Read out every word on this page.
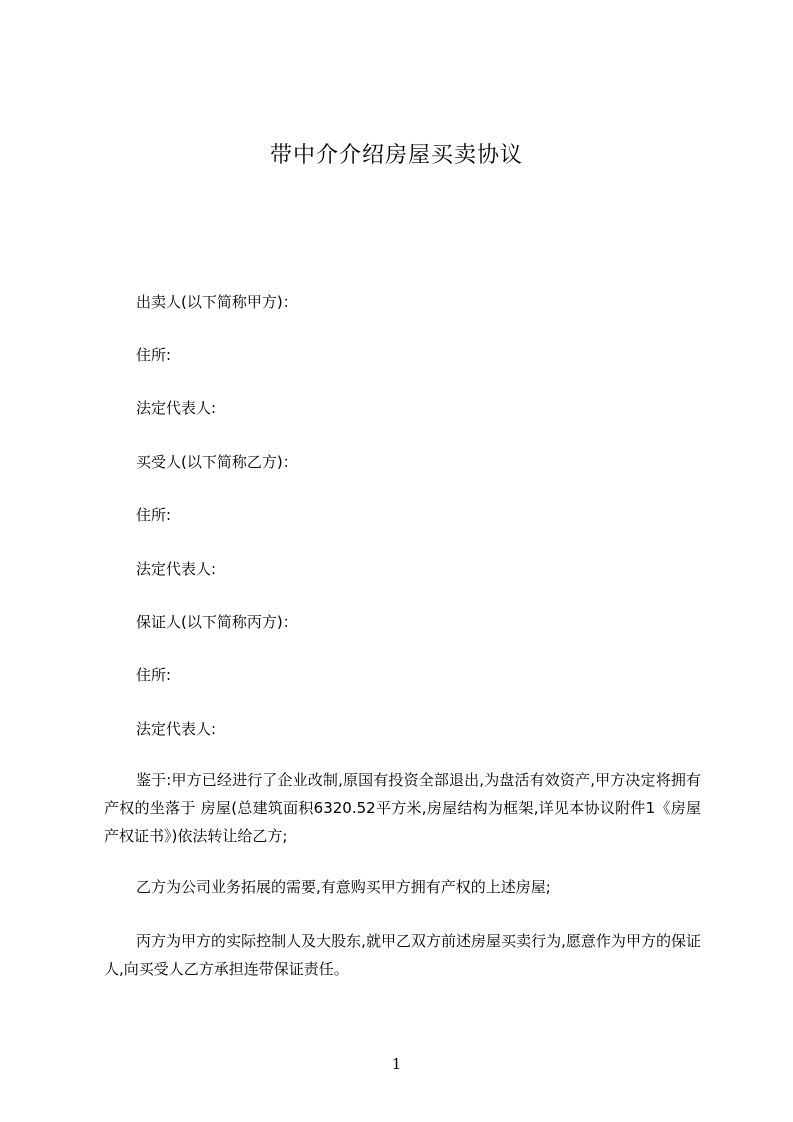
带中介介绍房屋买卖协议
出卖人(以下简称甲方)：
住所:
法定代表人:
买受人(以下简称乙方)：
住所:
法定代表人:
保证人(以下简称丙方)：
住所:
法定代表人:

鉴于:甲方已经进行了企业改制,原国有投资全部退出,为盘活有效资产,甲方决定将拥有产权的坐落于 房屋(总建筑面积6320.52平方米,房屋结构为框架,详见本协议附件1《房屋产权证书》)依法转让给乙方;

乙方为公司业务拓展的需要,有意购买甲方拥有产权的上述房屋;

丙方为甲方的实际控制人及大股东,就甲乙双方前述房屋买卖行为,愿意作为甲方的保证人,向买受人乙方承担连带保证责任。

1
